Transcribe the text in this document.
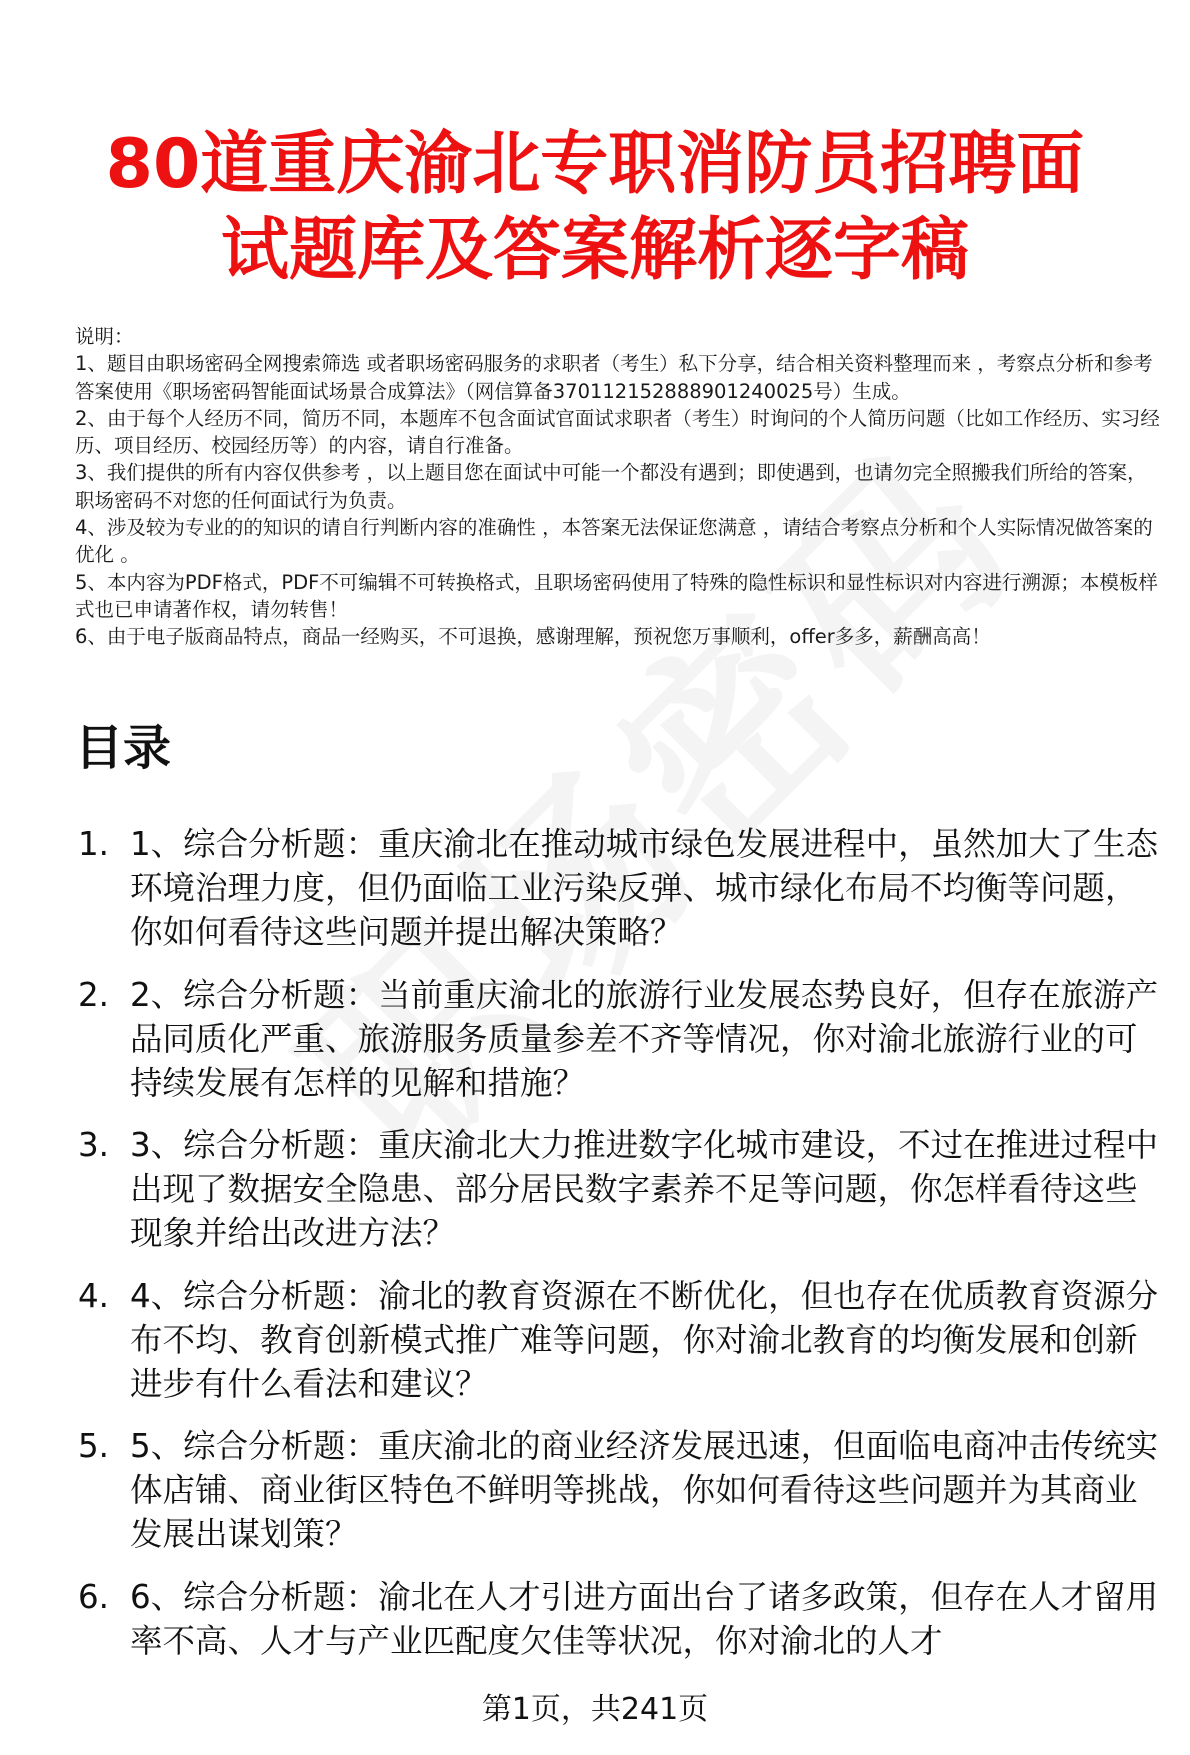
80道重庆渝北专职消防员招聘面试题库及答案解析逐字稿

说明：

1、题目由职场密码全网搜索筛选 或者职场密码服务的求职者（考生）私下分享，结合相关资料整理而来 ，考察点分析和参考答案使用《职场密码智能面试场景合成算法》（网信算备370112152888901240025号）生成。

2、由于每个人经历不同，简历不同，本题库不包含面试官面试求职者（考生）时询问的个人简历问题（比如工作经历、实习经历、项目经历、校园经历等）的内容，请自行准备。

3、我们提供的所有内容仅供参考 ，以上题目您在面试中可能一个都没有遇到；即使遇到，也请勿完全照搬我们所给的答案，职场密码不对您的任何面试行为负责。

4、涉及较为专业的的知识的请自行判断内容的准确性 ，本答案无法保证您满意 ，请结合考察点分析和个人实际情况做答案的优化 。

5、本内容为PDF格式，PDF不可编辑不可转换格式，且职场密码使用了特殊的隐性标识和显性标识对内容进行溯源；本模板样式也已申请著作权，请勿转售！

6、由于电子版商品特点，商品一经购买，不可退换，感谢理解，预祝您万事顺利，offer多多，薪酬高高！

目录
1. 1、综合分析题：重庆渝北在推动城市绿色发展进程中，虽然加大了生态环境治理力度，但仍面临工业污染反弹、城市绿化布局不均衡等问题，你如何看待这些问题并提出解决策略？
2. 2、综合分析题：当前重庆渝北的旅游行业发展态势良好，但存在旅游产品同质化严重、旅游服务质量参差不齐等情况，你对渝北旅游行业的可持续发展有怎样的见解和措施？
3. 3、综合分析题：重庆渝北大力推进数字化城市建设，不过在推进过程中出现了数据安全隐患、部分居民数字素养不足等问题，你怎样看待这些现象并给出改进方法？
4. 4、综合分析题：渝北的教育资源在不断优化，但也存在优质教育资源分布不均、教育创新模式推广难等问题，你对渝北教育的均衡发展和创新进步有什么看法和建议？
5. 5、综合分析题：重庆渝北的商业经济发展迅速，但面临电商冲击传统实体店铺、商业街区特色不鲜明等挑战，你如何看待这些问题并为其商业发展出谋划策？
6. 6、综合分析题：渝北在人才引进方面出台了诸多政策，但存在人才留用率不高、人才与产业匹配度欠佳等状况，你对渝北的人才
第1页，共241页
